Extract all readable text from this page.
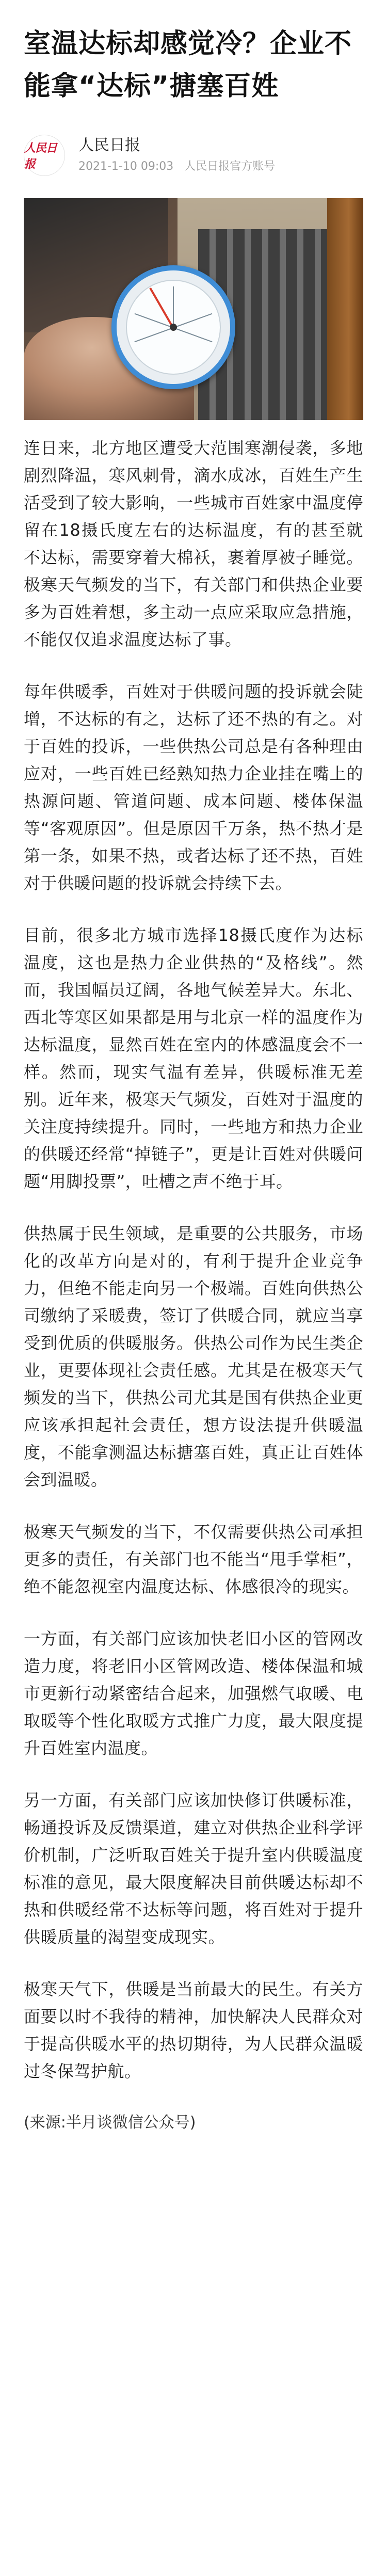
室温达标却感觉冷？企业不能拿“达标”搪塞百姓
人民日报
人民日报
2021-1-10 09:03 人民日报官方账号

连日来，北方地区遭受大范围寒潮侵袭，多地剧烈降温，寒风刺骨，滴水成冰，百姓生产生活受到了较大影响，一些城市百姓家中温度停留在18摄氏度左右的达标温度，有的甚至就不达标，需要穿着大棉袄，裹着厚被子睡觉。极寒天气频发的当下，有关部门和供热企业要多为百姓着想，多主动一点应采取应急措施，不能仅仅追求温度达标了事。

每年供暖季，百姓对于供暖问题的投诉就会陡增，不达标的有之，达标了还不热的有之。对于百姓的投诉，一些供热公司总是有各种理由应对，一些百姓已经熟知热力企业挂在嘴上的热源问题、管道问题、成本问题、楼体保温等“客观原因”。但是原因千万条，热不热才是第一条，如果不热，或者达标了还不热，百姓对于供暖问题的投诉就会持续下去。

目前，很多北方城市选择18摄氏度作为达标温度，这也是热力企业供热的“及格线”。然而，我国幅员辽阔，各地气候差异大。东北、西北等寒区如果都是用与北京一样的温度作为达标温度，显然百姓在室内的体感温度会不一样。然而，现实气温有差异，供暖标准无差别。近年来，极寒天气频发，百姓对于温度的关注度持续提升。同时，一些地方和热力企业的供暖还经常“掉链子”，更是让百姓对供暖问题“用脚投票”，吐槽之声不绝于耳。

供热属于民生领域，是重要的公共服务，市场化的改革方向是对的，有利于提升企业竞争力，但绝不能走向另一个极端。百姓向供热公司缴纳了采暖费，签订了供暖合同，就应当享受到优质的供暖服务。供热公司作为民生类企业，更要体现社会责任感。尤其是在极寒天气频发的当下，供热公司尤其是国有供热企业更应该承担起社会责任，想方设法提升供暖温度，不能拿测温达标搪塞百姓，真正让百姓体会到温暖。

极寒天气频发的当下，不仅需要供热公司承担更多的责任，有关部门也不能当“甩手掌柜”，绝不能忽视室内温度达标、体感很冷的现实。

一方面，有关部门应该加快老旧小区的管网改造力度，将老旧小区管网改造、楼体保温和城市更新行动紧密结合起来，加强燃气取暖、电取暖等个性化取暖方式推广力度，最大限度提升百姓室内温度。

另一方面，有关部门应该加快修订供暖标准，畅通投诉及反馈渠道，建立对供热企业科学评价机制，广泛听取百姓关于提升室内供暖温度标准的意见，最大限度解决目前供暖达标却不热和供暖经常不达标等问题，将百姓对于提升供暖质量的渴望变成现实。

极寒天气下，供暖是当前最大的民生。有关方面要以时不我待的精神，加快解决人民群众对于提高供暖水平的热切期待，为人民群众温暖过冬保驾护航。

(来源:半月谈微信公众号)
